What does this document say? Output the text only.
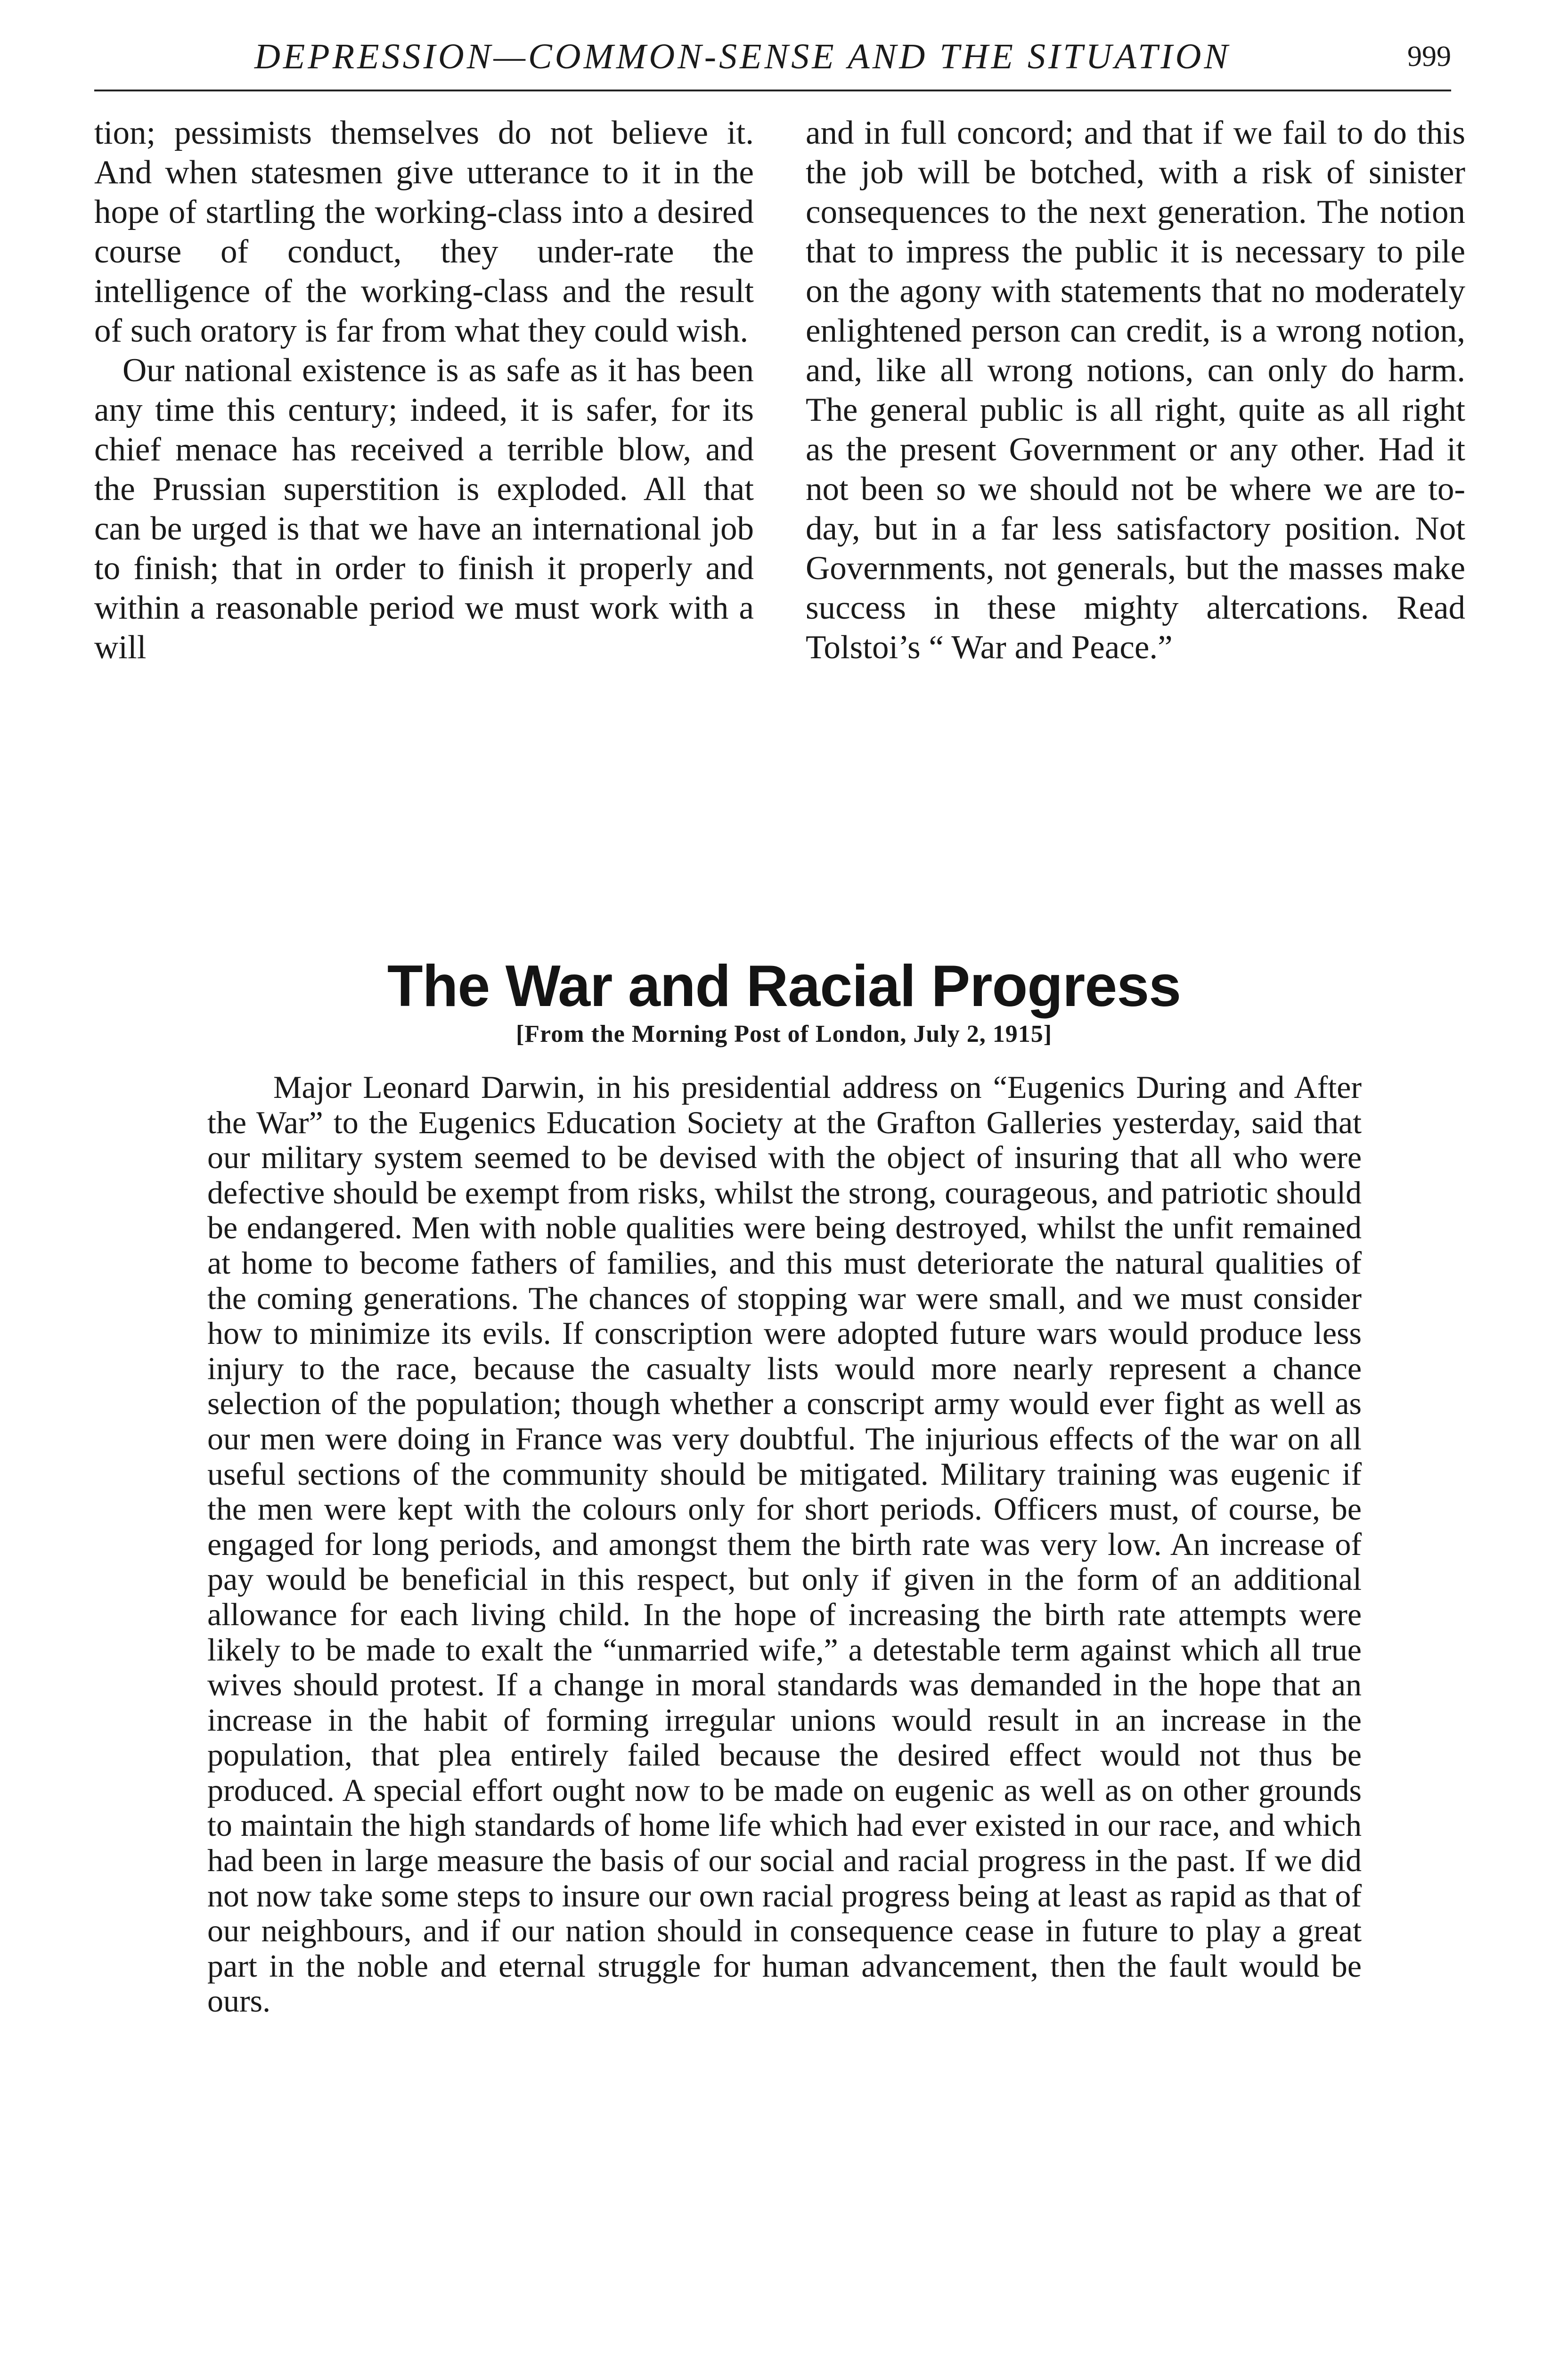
DEPRESSION—COMMON-SENSE AND THE SITUATION	999

tion; pessimists themselves do not believe it. And when statesmen give utterance to it in the hope of startling the working-class into a desired course of conduct, they under-rate the intelligence of the working-class and the result of such oratory is far from what they could wish.

Our national existence is as safe as it has been any time this century; indeed, it is safer, for its chief menace has received a terrible blow, and the Prussian superstition is exploded. All that can be urged is that we have an international job to finish; that in order to finish it properly and within a reasonable period we must work with a will

and in full concord; and that if we fail to do this the job will be botched, with a risk of sinister consequences to the next generation. The notion that to impress the public it is necessary to pile on the agony with statements that no moderately enlightened person can credit, is a wrong notion, and, like all wrong notions, can only do harm. The general public is all right, quite as all right as the present Government or any other. Had it not been so we should not be where we are to-day, but in a far less satisfactory position. Not Governments, not generals, but the masses make success in these mighty altercations. Read Tolstoi’s “ War and Peace.”

The War and Racial Progress
[From the Morning Post of London, July 2, 1915]

Major Leonard Darwin, in his presidential address on “Eugenics During and After the War” to the Eugenics Education Society at the Grafton Galleries yesterday, said that our military system seemed to be devised with the object of insuring that all who were defective should be exempt from risks, whilst the strong, courageous, and patriotic should be endangered. Men with noble qualities were being destroyed, whilst the unfit remained at home to become fathers of families, and this must deteriorate the natural qualities of the coming generations. The chances of stopping war were small, and we must consider how to minimize its evils. If conscription were adopted future wars would produce less injury to the race, because the casualty lists would more nearly represent a chance selection of the population; though whether a conscript army would ever fight as well as our men were doing in France was very doubtful. The injurious effects of the war on all useful sections of the community should be mitigated. Military training was eugenic if the men were kept with the colours only for short periods. Officers must, of course, be engaged for long periods, and amongst them the birth rate was very low. An increase of pay would be beneficial in this respect, but only if given in the form of an additional allowance for each living child. In the hope of increasing the birth rate attempts were likely to be made to exalt the “unmarried wife,” a detestable term against which all true wives should protest. If a change in moral standards was demanded in the hope that an increase in the habit of forming irregular unions would result in an increase in the population, that plea entirely failed because the desired effect would not thus be produced. A special effort ought now to be made on eugenic as well as on other grounds to maintain the high standards of home life which had ever existed in our race, and which had been in large measure the basis of our social and racial progress in the past. If we did not now take some steps to insure our own racial progress being at least as rapid as that of our neighbours, and if our nation should in consequence cease in future to play a great part in the noble and eternal struggle for human advancement, then the fault would be ours.
